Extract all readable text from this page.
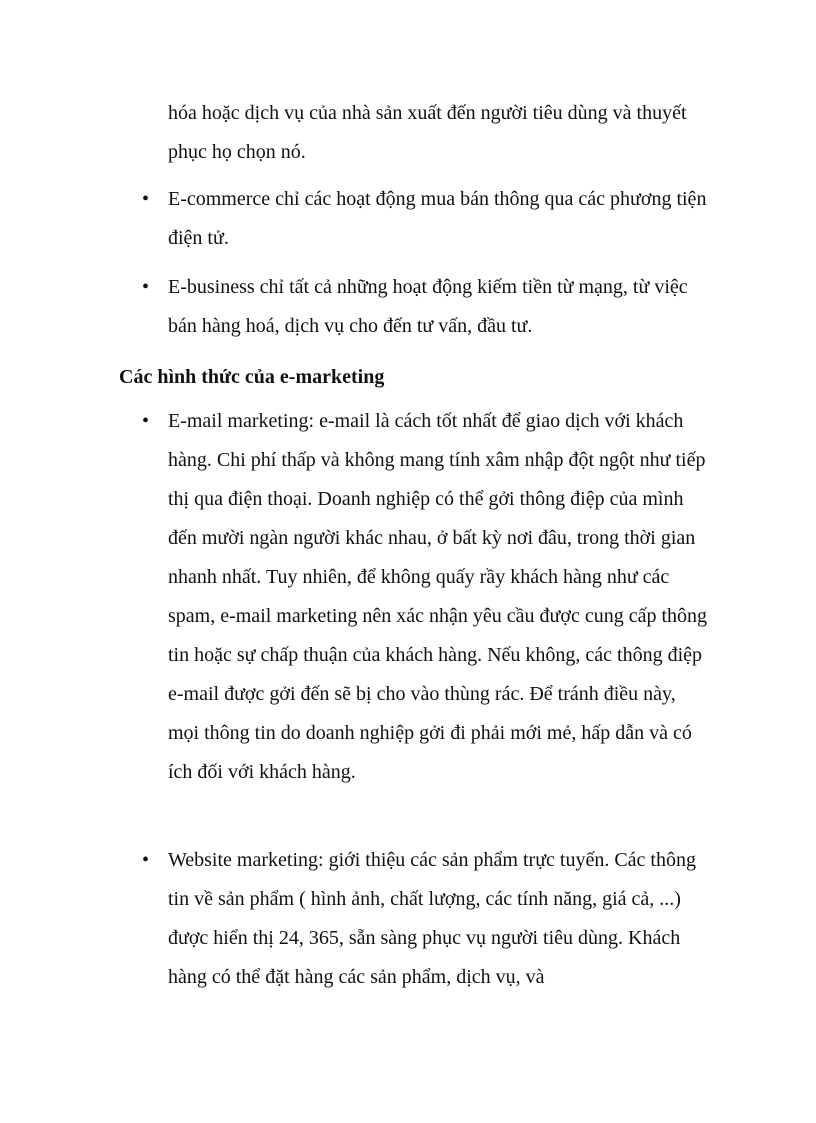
hóa hoặc dịch vụ của nhà sản xuất đến người tiêu dùng và thuyết phục họ chọn nó.

• E-commerce chỉ các hoạt động mua bán thông qua các phương tiện điện tử.

• E-business chỉ tất cả những hoạt động kiếm tiền từ mạng, từ việc bán hàng hoá, dịch vụ cho đến tư vấn, đầu tư.

Các hình thức của e-marketing
• E-mail marketing: e-mail là cách tốt nhất để giao dịch với khách hàng. Chi phí thấp và không mang tính xâm nhập đột ngột như tiếp thị qua điện thoại. Doanh nghiệp có thể gởi thông điệp của mình đến mười ngàn người khác nhau, ở bất kỳ nơi đâu, trong thời gian nhanh nhất. Tuy nhiên, để không quấy rầy khách hàng như các spam, e-mail marketing nên xác nhận yêu cầu được cung cấp thông tin hoặc sự chấp thuận của khách hàng. Nếu không, các thông điệp e-mail được gởi đến sẽ bị cho vào thùng rác. Để tránh điều này, mọi thông tin do doanh nghiệp gởi đi phải mới mẻ, hấp dẫn và có ích đối với khách hàng.

• Website marketing: giới thiệu các sản phẩm trực tuyến. Các thông tin về sản phẩm ( hình ảnh, chất lượng, các tính năng, giá cả, ...) được hiển thị 24, 365, sẵn sàng phục vụ người tiêu dùng. Khách hàng có thể đặt hàng các sản phẩm, dịch vụ, và
